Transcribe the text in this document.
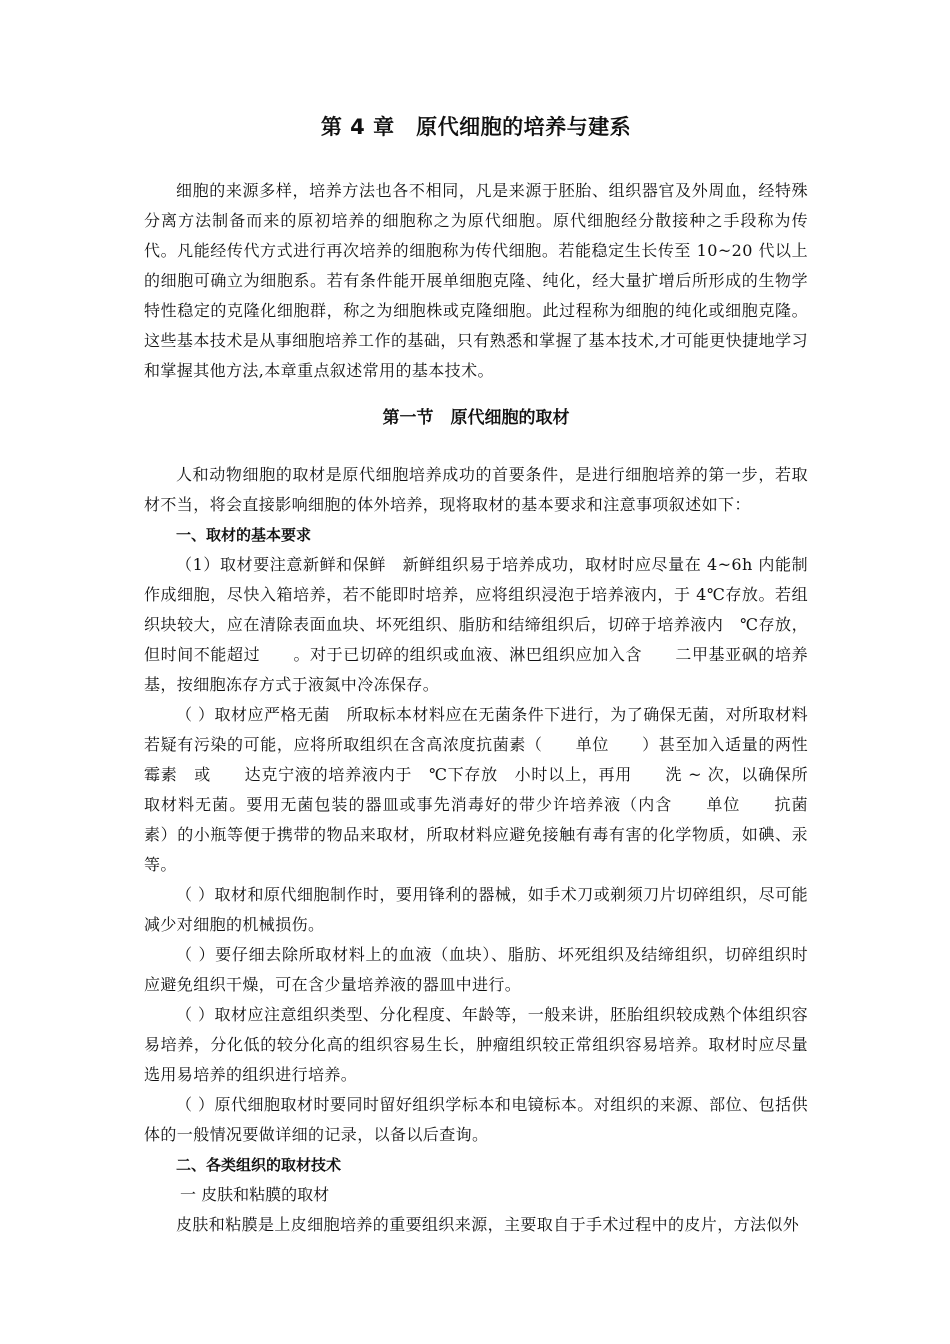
第 4 章　原代细胞的培养与建系

细胞的来源多样，培养方法也各不相同，凡是来源于胚胎、组织器官及外周血，经特殊分离方法制备而来的原初培养的细胞称之为原代细胞。原代细胞经分散接种之手段称为传代。凡能经传代方式进行再次培养的细胞称为传代细胞。若能稳定生长传至 10~20 代以上的细胞可确立为细胞系。若有条件能开展单细胞克隆、纯化，经大量扩增后所形成的生物学特性稳定的克隆化细胞群，称之为细胞株或克隆细胞。此过程称为细胞的纯化或细胞克隆。这些基本技术是从事细胞培养工作的基础，只有熟悉和掌握了基本技术,才可能更快捷地学习和掌握其他方法,本章重点叙述常用的基本技术。

第一节　原代细胞的取材

人和动物细胞的取材是原代细胞培养成功的首要条件，是进行细胞培养的第一步，若取材不当，将会直接影响细胞的体外培养，现将取材的基本要求和注意事项叙述如下：

一、取材的基本要求

（1）取材要注意新鲜和保鲜　新鲜组织易于培养成功，取材时应尽量在 4~6h 内能制作成细胞，尽快入箱培养，若不能即时培养，应将组织浸泡于培养液内，于 4℃存放。若组织块较大，应在清除表面血块、坏死组织、脂肪和结缔组织后，切碎于培养液内　℃存放，但时间不能超过　　。对于已切碎的组织或血液、淋巴组织应加入含　　二甲基亚砜的培养基，按细胞冻存方式于液氮中冷冻保存。

（ ）取材应严格无菌　所取标本材料应在无菌条件下进行，为了确保无菌，对所取材料若疑有污染的可能，应将所取组织在含高浓度抗菌素（　　单位　　）甚至加入适量的两性霉素　或　　达克宁液的培养液内于　℃下存放　小时以上，再用　　洗 ~ 次，以确保所取材料无菌。要用无菌包装的器皿或事先消毒好的带少许培养液（内含　　单位　　抗菌素）的小瓶等便于携带的物品来取材，所取材料应避免接触有毒有害的化学物质，如碘、汞等。

（ ）取材和原代细胞制作时，要用锋利的器械，如手术刀或剃须刀片切碎组织，尽可能减少对细胞的机械损伤。

（ ）要仔细去除所取材料上的血液（血块）、脂肪、坏死组织及结缔组织，切碎组织时应避免组织干燥，可在含少量培养液的器皿中进行。

（ ）取材应注意组织类型、分化程度、年龄等，一般来讲，胚胎组织较成熟个体组织容易培养，分化低的较分化高的组织容易生长，肿瘤组织较正常组织容易培养。取材时应尽量选用易培养的组织进行培养。

（ ）原代细胞取材时要同时留好组织学标本和电镜标本。对组织的来源、部位、包括供体的一般情况要做详细的记录，以备以后查询。

二、各类组织的取材技术
一 皮肤和粘膜的取材

皮肤和粘膜是上皮细胞培养的重要组织来源，主要取自于手术过程中的皮片，方法似外
